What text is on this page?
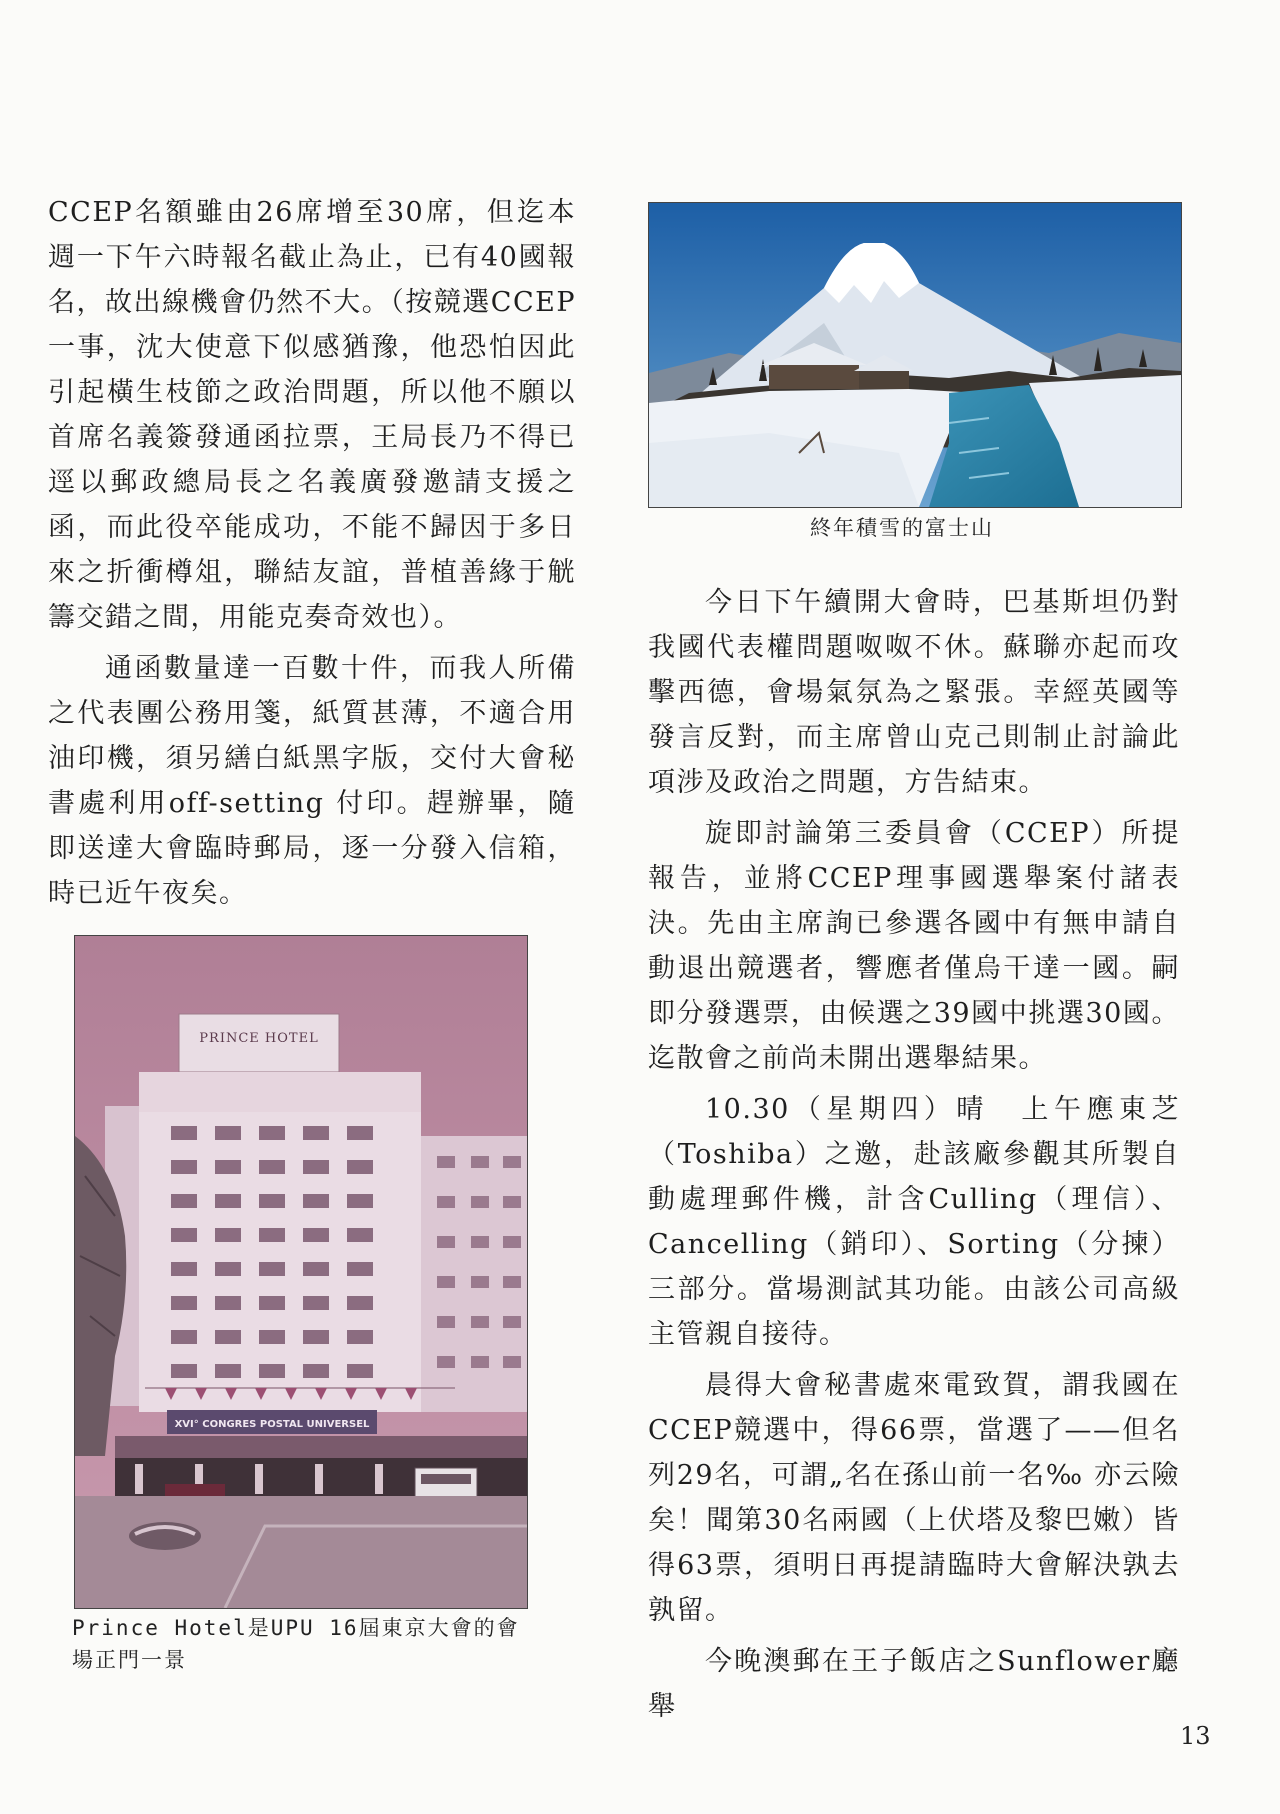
CCEP名額雖由26席增至30席，但迄本週一下午六時報名截止為止，已有40國報名，故出線機會仍然不大。（按競選CCEP一事，沈大使意下似感猶豫，他恐怕因此引起橫生枝節之政治問題，所以他不願以首席名義簽發通函拉票，王局長乃不得已逕以郵政總局長之名義廣發邀請支援之函，而此役卒能成功，不能不歸因于多日來之折衝樽俎，聯結友誼，普植善緣于觥籌交錯之間，用能克奏奇效也）。

通函數量達一百數十件，而我人所備之代表團公務用箋，紙質甚薄，不適合用油印機，須另繕白紙黑字版，交付大會秘書處利用off-setting 付印。趕辦畢，隨即送達大會臨時郵局，逐一分發入信箱，時已近午夜矣。

終年積雪的富士山
PRINCE HOTEL
XVI° CONGRES POSTAL UNIVERSEL
Prince Hotel是UPU 16屆東京大會的會
場正門一景

今日下午續開大會時，巴基斯坦仍對我國代表權問題呶呶不休。蘇聯亦起而攻擊西德，會場氣氛為之緊張。幸經英國等發言反對，而主席曾山克己則制止討論此項涉及政治之問題，方告結束。

旋即討論第三委員會（CCEP）所提報告，並將CCEP理事國選舉案付諸表決。先由主席詢已參選各國中有無申請自動退出競選者，響應者僅烏干達一國。嗣即分發選票，由候選之39國中挑選30國。迄散會之前尚未開出選舉結果。

10.30（星期四）晴　上午應東芝（Toshiba）之邀，赴該廠參觀其所製自動處理郵件機，計含Culling（理信）、Cancelling（銷印）、Sorting（分揀）三部分。當場測試其功能。由該公司高級主管親自接待。

晨得大會秘書處來電致賀，謂我國在CCEP競選中，得66票，當選了——但名列29名，可謂„名在孫山前一名‰ 亦云險矣！聞第30名兩國（上伏塔及黎巴嫩）皆得63票，須明日再提請臨時大會解決孰去孰留。

今晚澳郵在王子飯店之Sunflower廳舉

13
